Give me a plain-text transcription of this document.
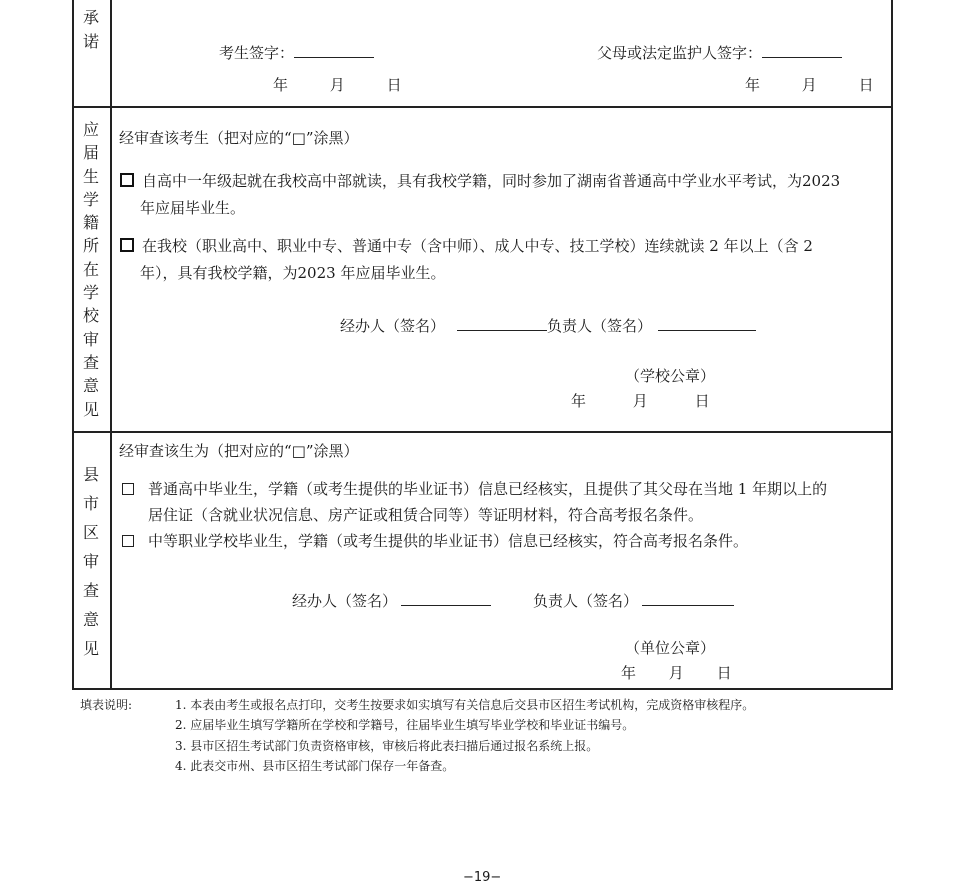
承
诺
考生签字：
年	月	日
父母或法定监护人签字：
年	月	日
应
届
生
学
籍
所
在
学
校
审
查
意
见
经审查该考生（把对应的“□”涂黑）
自高中一年级起就在我校高中部就读，具有我校学籍，同时参加了湖南省普通高中学业水平考试，为2023
年应届毕业生。
在我校（职业高中、职业中专、普通中专（含中师）、成人中专、技工学校）连续就读 2 年以上（含 2
年），具有我校学籍，为2023 年应届毕业生。
经办人（签名）	负责人（签名）
（学校公章）
年	月	日
县
市
区
审
查
意
见
经审查该生为（把对应的“□”涂黑）
普通高中毕业生，学籍（或考生提供的毕业证书）信息已经核实，且提供了其父母在当地 1 年期以上的
居住证（含就业状况信息、房产证或租赁合同等）等证明材料，符合高考报名条件。
中等职业学校毕业生，学籍（或考生提供的毕业证书）信息已经核实，符合高考报名条件。
经办人（签名）	负责人（签名）
（单位公章）
年 月 日
填表说明:	1. 本表由考生或报名点打印，交考生按要求如实填写有关信息后交县市区招生考试机构，完成资格审核程序。
2. 应届毕业生填写学籍所在学校和学籍号，往届毕业生填写毕业学校和毕业证书编号。
3. 县市区招生考试部门负责资格审核，审核后将此表扫描后通过报名系统上报。
4. 此表交市州、县市区招生考试部门保存一年备查。
−19−
